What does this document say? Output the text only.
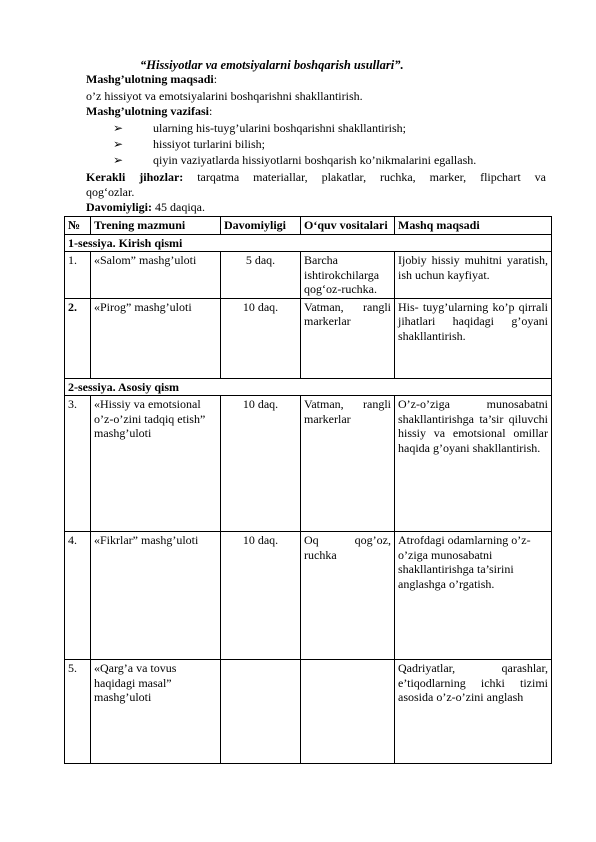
“Hissiyotlar va emotsiyalarni boshqarish usullari”.
Mashg’ulotning maqsadi:
o’z hissiyot va emotsiyalarini boshqarishni shakllantirish.
Mashg’ulotning vazifasi:
➢ ularning his-tuyg’ularini boshqarishni shakllantirish;
➢ hissiyot turlarini bilish;
➢ qiyin vaziyatlarda hissiyotlarni boshqarish ko’nikmalarini egallash.
Kerakli jihozlar: tarqatma materiallar, plakatlar, ruchka, marker, flipchart va
qog‘ozlar.
Davomiyligi: 45 daqiqa.
№	Trening mazmuni	Davomiyligi	O‘quv vositalari	Mashq maqsadi
1-sessiya. Kirish qismi				
1.	«Salom” mashg’uloti	5 daq.	Barcha ishtirokchilarga qog‘oz-ruchka.	Ijobiy hissiy muhitni yaratish, ish uchun kayfiyat.
2.	«Pirog” mashg’uloti	10 daq.	Vatman, rangli markerlar	His- tuyg’ularning ko’p qirrali jihatlari haqidagi g’oyani shakllantirish.
2-sessiya. Asosiy qism				
3.	«Hissiy va emotsional o’z-o’zini tadqiq etish” mashg’uloti	10 daq.	Vatman, rangli markerlar	O’z-o’ziga munosabatni shakllantirishga ta’sir qiluvchi hissiy va emotsional omillar haqida g’oyani shakllantirish.
4.	«Fikrlar” mashg’uloti	10 daq.	Oq qog’oz, ruchka	Atrofdagi odamlarning o’z-o’ziga munosabatni shakllantirishga ta’sirini anglashga o’rgatish.
5.	«Qarg’a va tovus haqidagi masal” mashg’uloti			Qadriyatlar, qarashlar, e’tiqodlarning ichki tizimi asosida o’z-o’zini anglash
